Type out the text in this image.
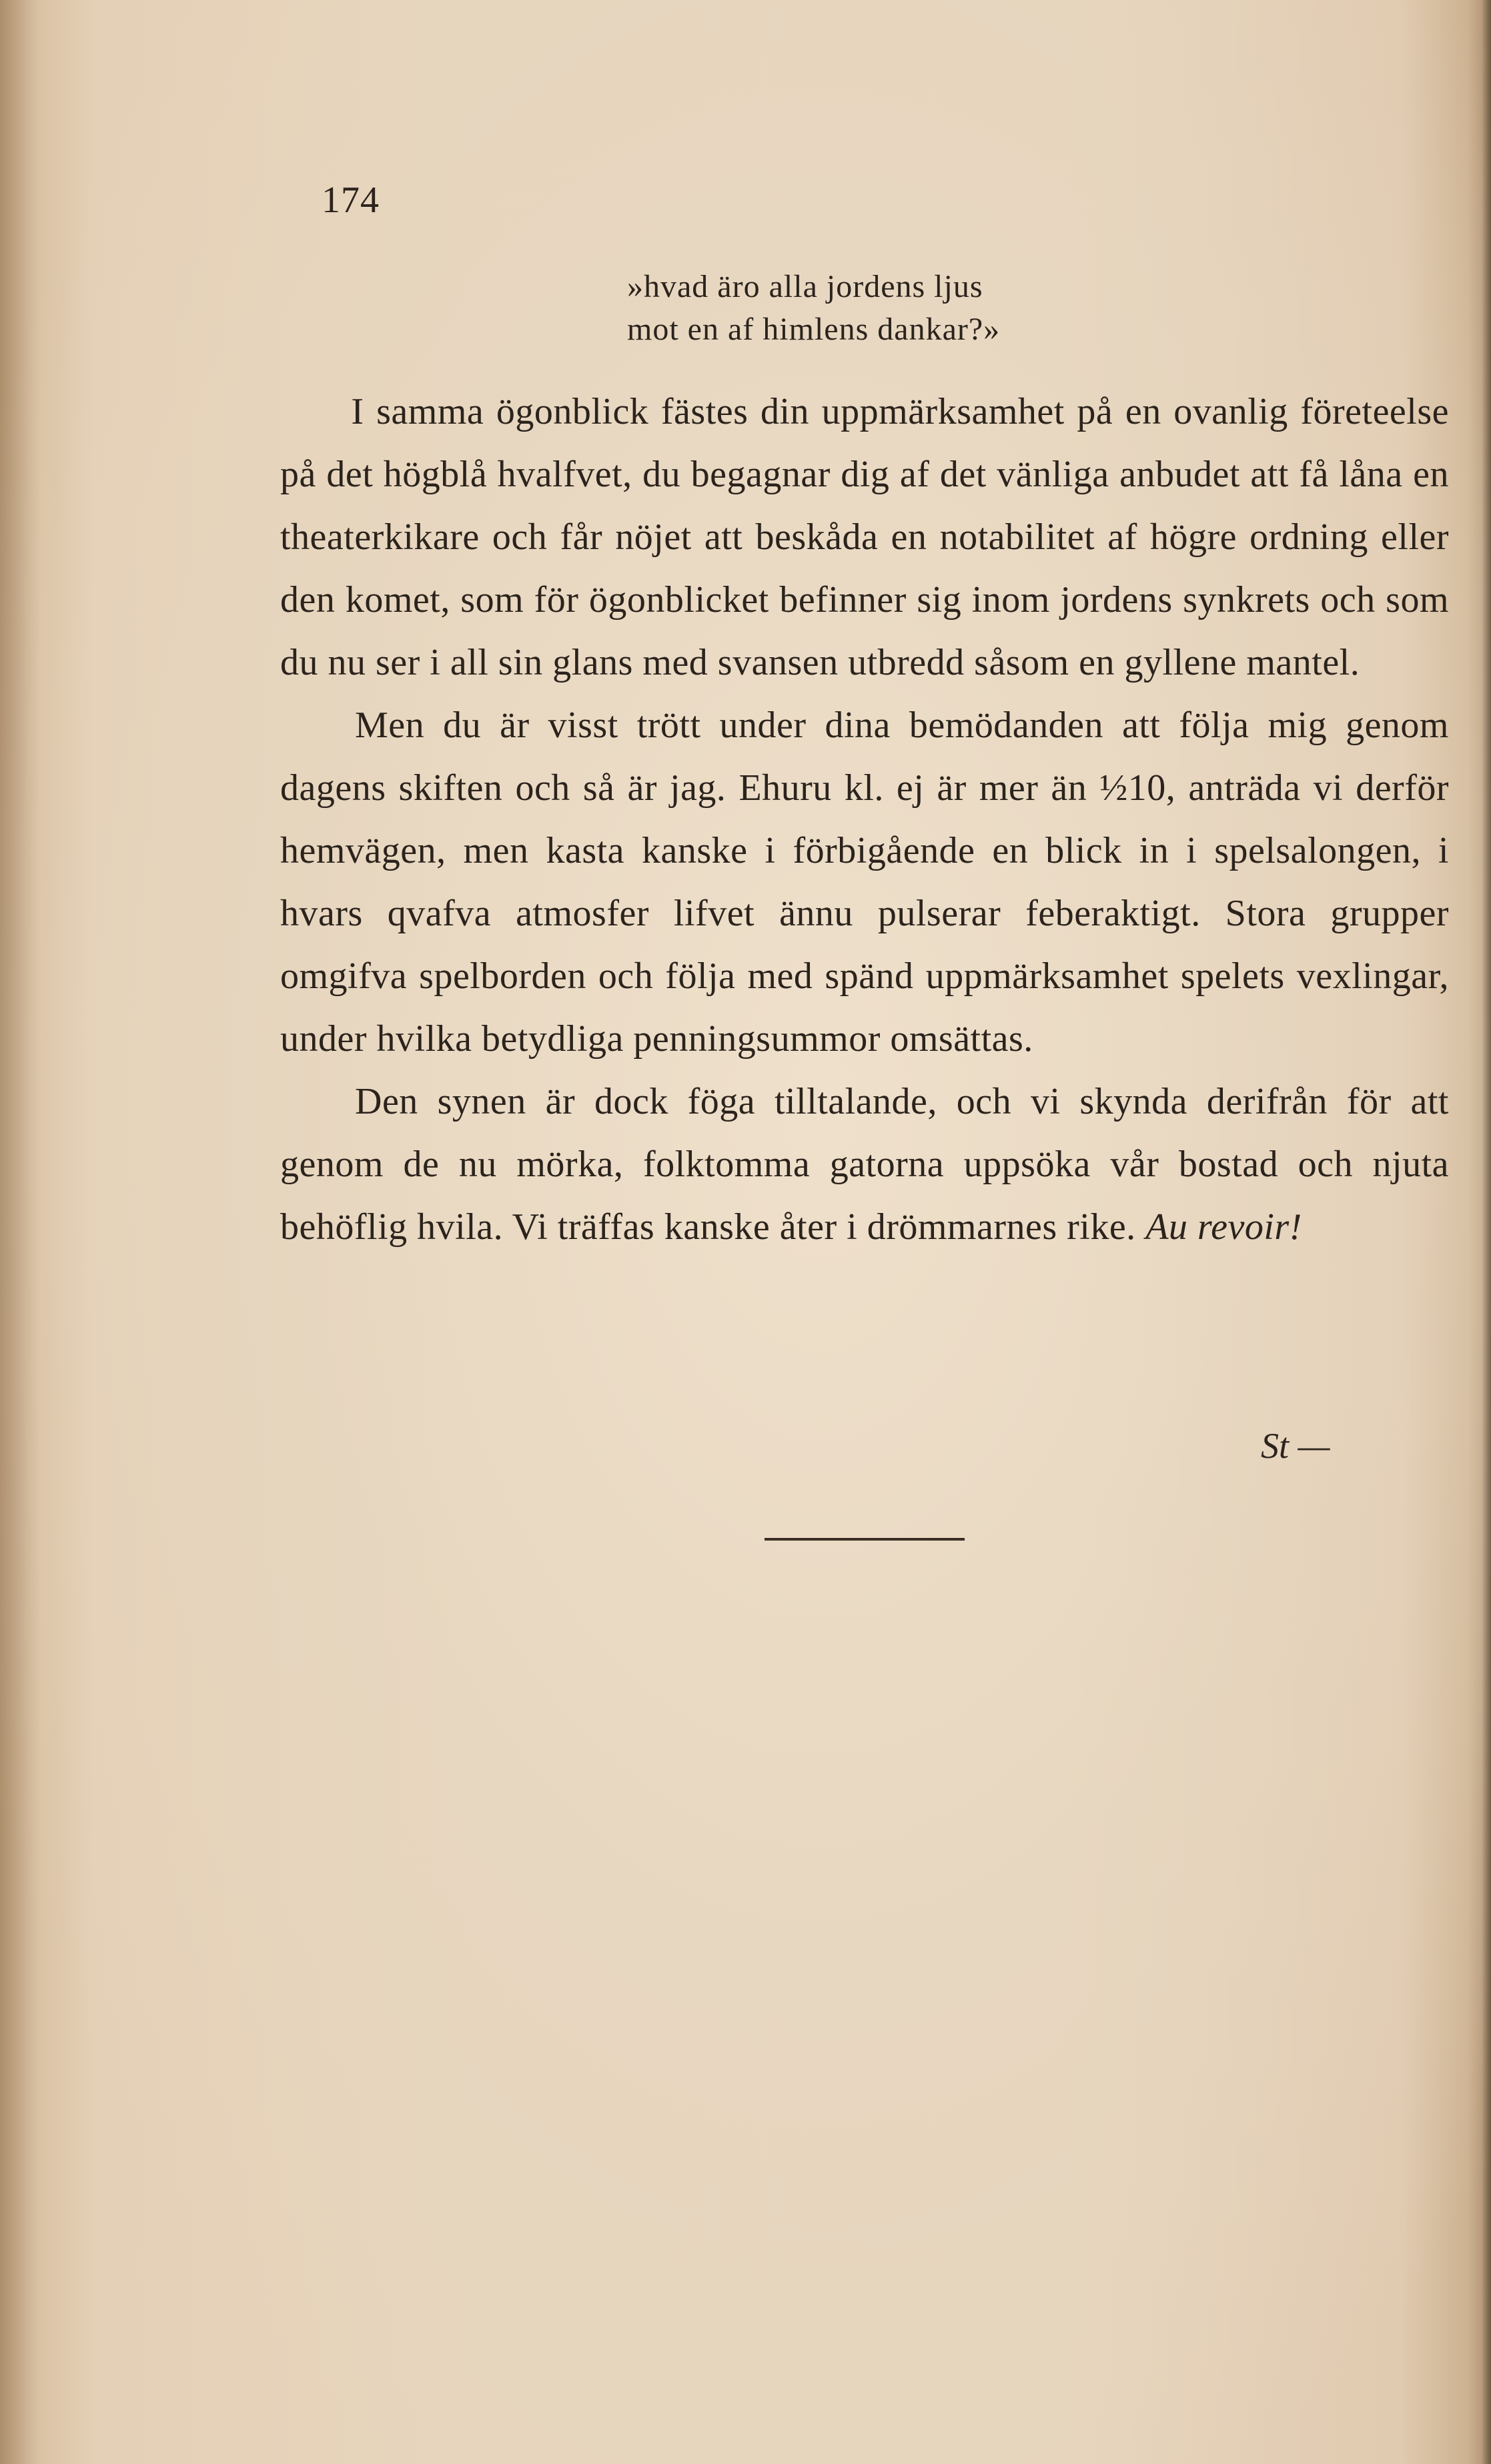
174
»hvad äro alla jordens ljus
mot en af himlens dankar?»

I samma ögonblick fästes din uppmärksamhet på en ovanlig företeelse på det högblå hvalfvet, du begagnar dig af det vänliga anbudet att få låna en theaterkikare och får nöjet att beskåda en notabilitet af högre ordning eller den komet, som för ögonblicket befinner sig inom jordens synkrets och som du nu ser i all sin glans med svansen utbredd såsom en gyllene mantel.

Men du är visst trött under dina bemödanden att följa mig genom dagens skiften och så är jag. Ehuru kl. ej är mer än ½10, anträda vi derför hemvägen, men kasta kanske i förbigående en blick in i spelsalongen, i hvars qvafva atmosfer lifvet ännu pulserar feberaktigt. Stora grupper omgifva spelborden och följa med spänd uppmärksamhet spelets vexlingar, under hvilka betydliga penningsummor omsättas.

Den synen är dock föga tilltalande, och vi skynda derifrån för att genom de nu mörka, folktomma gatorna uppsöka vår bostad och njuta behöflig hvila. Vi träffas kanske åter i drömmarnes rike. Au revoir!

St —
